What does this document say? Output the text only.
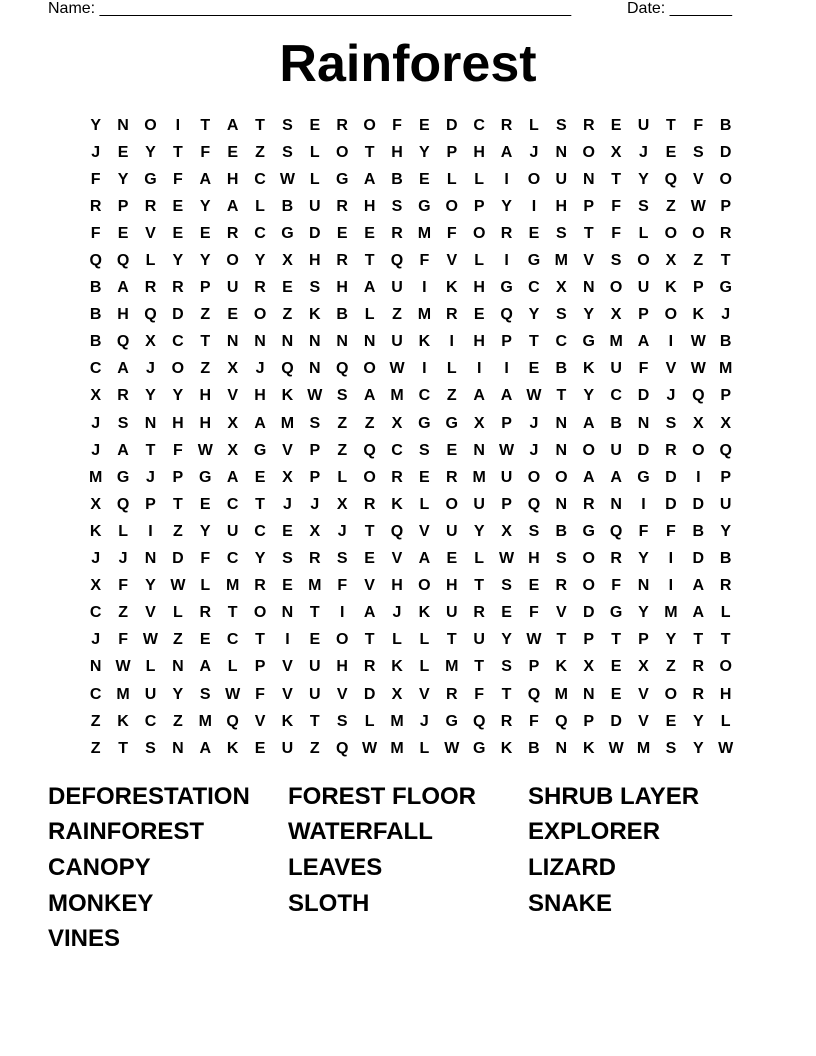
Name: _____________________________________________________	Date: _______
Rainforest
Y	N O	I	T	A	T	S	E	R O	F	E	D C R	L	S	R	E	U	T	F	B
J	E	Y	T	F	E	Z	S	L	O	T	H	Y	P	H A	J	N O X	J	E	S	D
F	Y G	F	A H C W L	G A B	E	L	L	I	O U N	T	Y Q V O
R	P	R	E	Y	A	L	B U R H	S G O P	Y	I	H	P	F	S	Z W P
F	E	V	E	E	R C G D	E	E	R M F	O R	E	S	T	F	L	O O R
Q Q	L	Y	Y O Y	X	H R	T	Q	F	V	L	I	G M V	S O X	Z	T
B A R R	P	U R	E	S	H A U	I	K H G C	X	N O U K	P G
B H Q D	Z	E O	Z	K B	L	Z M R	E Q Y	S	Y	X	P O K	J
B Q X	C	T	N N N N N N U K	I	H	P	T	C G M A	I	W B
C A	J	O	Z	X	J	Q N Q O W	I	L	I	I	E	B K U	F	V W M
X	R	Y	Y	H	V	H K W S	A M C	Z	A A W T	Y	C D	J	Q P
J	S	N H H	X	A M S	Z	Z	X G G X	P	J	N A B N	S	X	X
J	A	T	F W X G V	P	Z	Q C	S	E	N W J	N O U D R O Q
M G	J	P G A	E	X	P	L	O R	E	R M U O O A A G D	I	P
X Q P	T	E	C	T	J	J	X	R K	L	O U	P Q N R N	I	D D U
K	L	I	Z	Y	U C	E	X	J	T	Q V	U	Y	X	S	B G Q	F	F	B	Y
J	J	N D	F	C	Y	S	R	S	E	V	A	E	L W H	S O R	Y	I	D B
X	F	Y W L M R	E M F	V	H O H	T	S	E	R O	F	N	I	A R
C	Z	V	L	R	T	O N	T	I	A	J	K U R	E	F	V	D G Y M A	L
J	F W Z	E	C	T	I	E O	T	L	L	T	U	Y W T	P	T	P	Y	T	T
N W L	N A	L	P	V	U H R K	L M T	S	P	K	X	E	X	Z	R O
C M U	Y	S W F	V	U	V	D	X	V	R	F	T	Q M N	E	V O R H
Z	K C	Z M Q V	K	T	S	L M	J	G Q R	F	Q P	D	V	E	Y	L
Z	T	S	N A K	E	U	Z	Q W M L W G K B N K W M S	Y W
DEFORESTATION	FOREST FLOOR	SHRUB LAYER
RAINFOREST	WATERFALL	EXPLORER
CANOPY	LEAVES	LIZARD
MONKEY	SLOTH	SNAKE
VINES
